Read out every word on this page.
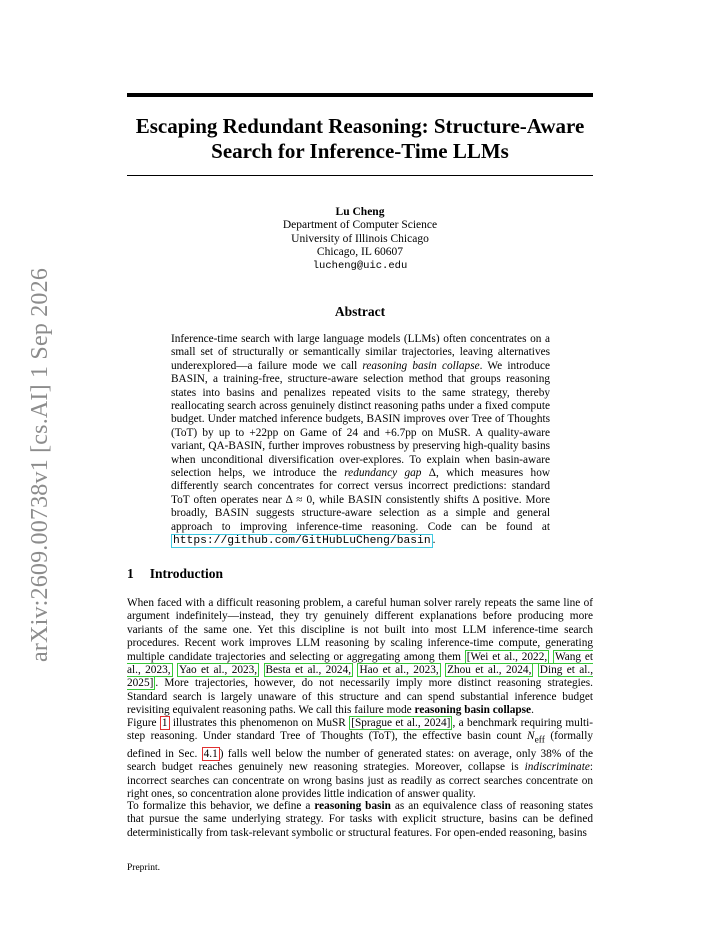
arXiv:2609.00738v1 [cs.AI] 1 Sep 2026
Escaping Redundant Reasoning: Structure-Aware Search for Inference-Time LLMs
Lu Cheng
Department of Computer Science
University of Illinois Chicago
Chicago, IL 60607
lucheng@uic.edu
Abstract

Inference-time search with large language models (LLMs) often concentrates on a small set of structurally or semantically similar trajectories, leaving alternatives underexplored—a failure mode we call reasoning basin collapse. We introduce BASIN, a training-free, structure-aware selection method that groups reasoning states into basins and penalizes repeated visits to the same strategy, thereby reallocating search across genuinely distinct reasoning paths under a fixed compute budget. Under matched inference budgets, BASIN improves over Tree of Thoughts (ToT) by up to +22pp on Game of 24 and +6.7pp on MuSR. A quality-aware variant, QA-BASIN, further improves robustness by preserving high-quality basins when unconditional diversification over-explores. To explain when basin-aware selection helps, we introduce the redundancy gap Δ, which measures how differently search concentrates for correct versus incorrect predictions: standard ToT often operates near Δ ≈ 0, while BASIN consistently shifts Δ positive. More broadly, BASIN suggests structure-aware selection as a simple and general approach to improving inference-time reasoning. Code can be found at https://github.com/GitHubLuCheng/basin .

1 Introduction

When faced with a difficult reasoning problem, a careful human solver rarely repeats the same line of argument indefinitely—instead, they try genuinely different explanations before producing more variants of the same one. Yet this discipline is not built into most LLM inference-time search procedures. Recent work improves LLM reasoning by scaling inference-time compute, generating multiple candidate trajectories and selecting or aggregating among them [Wei et al., 2022, Wang et al., 2023, Yao et al., 2023, Besta et al., 2024, Hao et al., 2023, Zhou et al., 2024, Ding et al., 2025] . More trajectories, however, do not necessarily imply more distinct reasoning strategies. Standard search is largely unaware of this structure and can spend substantial inference budget revisiting equivalent reasoning paths. We call this failure mode reasoning basin collapse.

Figure 1 illustrates this phenomenon on MuSR [Sprague et al., 2024] , a benchmark requiring multi-step reasoning. Under standard Tree of Thoughts (ToT), the effective basin count $N_{eff}$ (formally defined in Sec. 4.1 ) falls well below the number of generated states: on average, only 38% of the search budget reaches genuinely new reasoning strategies. Moreover, collapse is indiscriminate: incorrect searches can concentrate on wrong basins just as readily as correct searches concentrate on right ones, so concentration alone provides little indication of answer quality.

To formalize this behavior, we define a reasoning basin as an equivalence class of reasoning states that pursue the same underlying strategy. For tasks with explicit structure, basins can be defined deterministically from task-relevant symbolic or structural features. For open-ended reasoning, basins

Preprint.
